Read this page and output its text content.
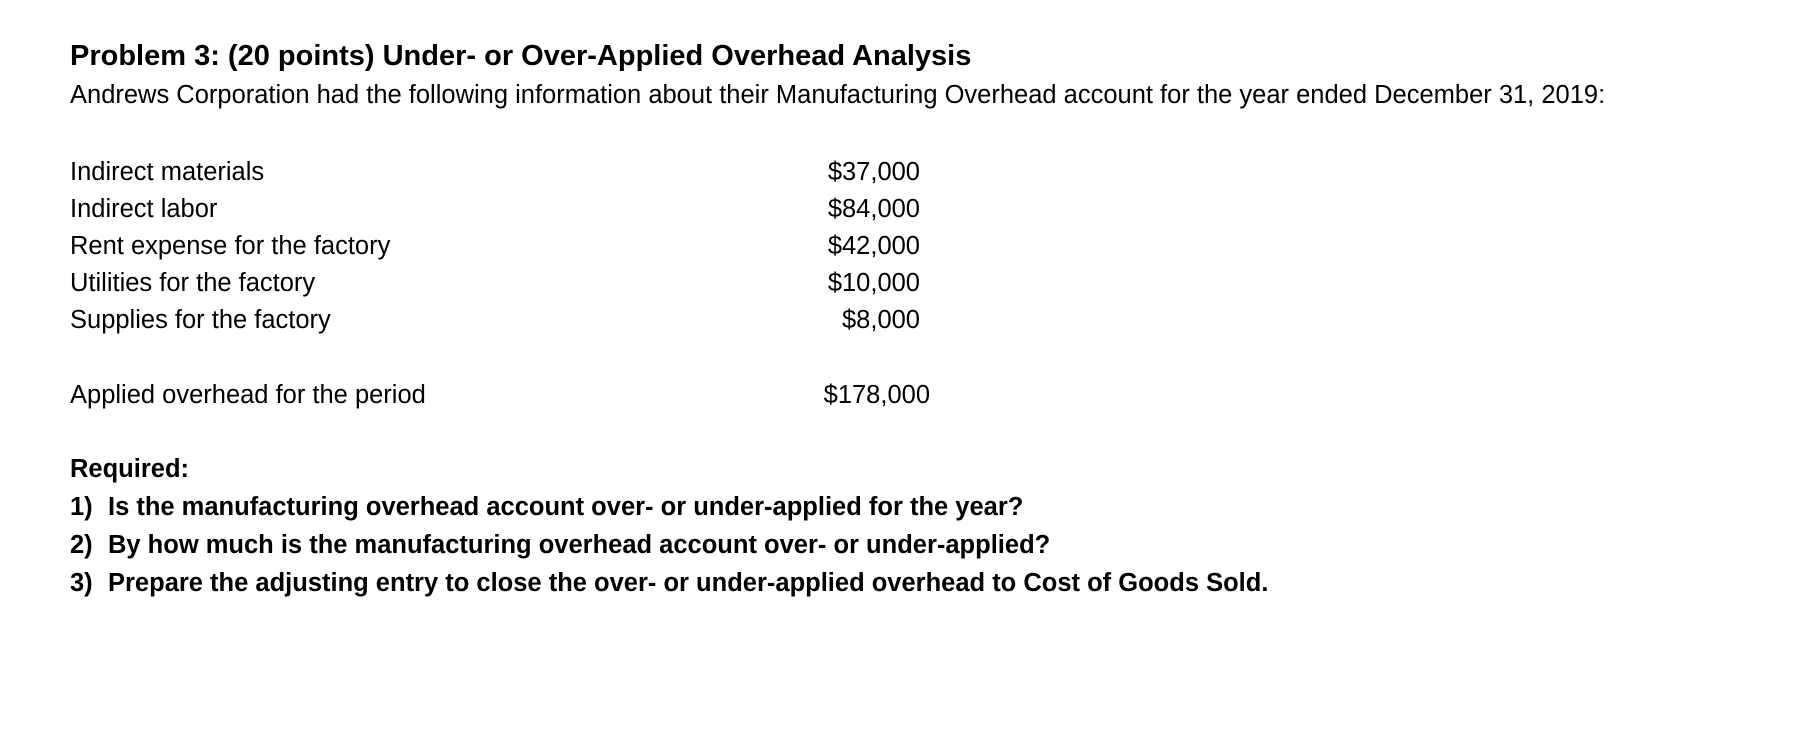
Problem 3: (20 points) Under- or Over-Applied Overhead Analysis

Andrews Corporation had the following information about their Manufacturing Overhead account for the year ended December 31, 2019:

Indirect materials	$37,000
Indirect labor	$84,000
Rent expense for the factory	$42,000
Utilities for the factory	$10,000
Supplies for the factory	$8,000
Applied overhead for the period	$178,000

Required:

1) Is the manufacturing overhead account over- or under-applied for the year?
2) By how much is the manufacturing overhead account over- or under-applied?
3) Prepare the adjusting entry to close the over- or under-applied overhead to Cost of Goods Sold.
